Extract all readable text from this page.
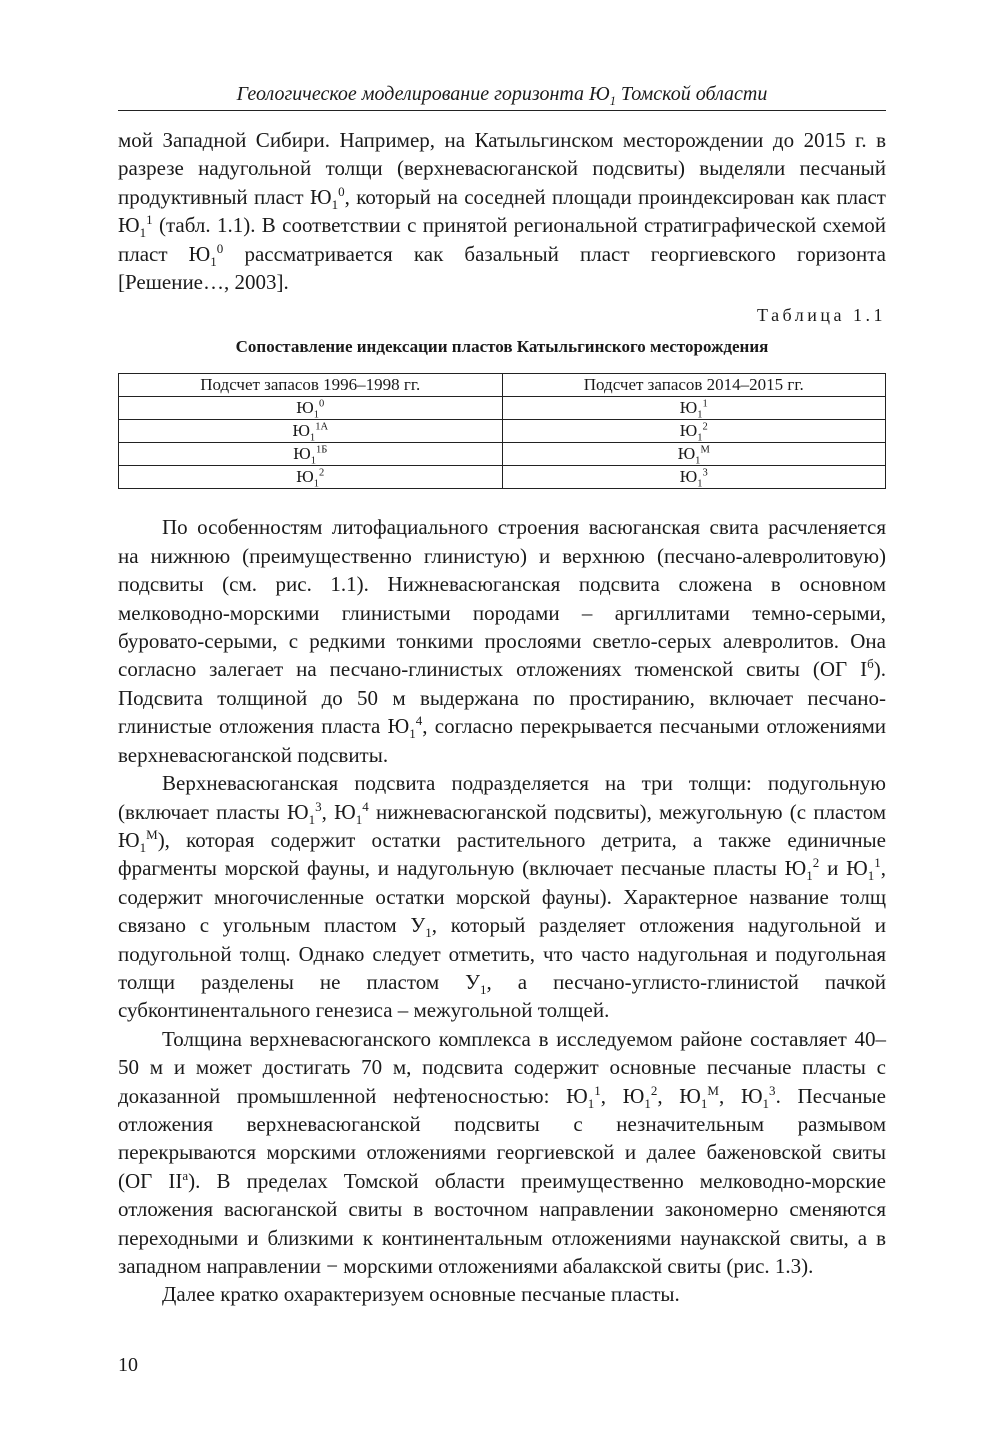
Геологическое моделирование горизонта $Ю_1$ Томской области

мой Западной Сибири. Например, на Катыльгинском месторождении до 2015 г. в разрезе надугольной толщи (верхневасюганской подсвиты) выделяли песчаный продуктивный пласт $Ю_1^0$, который на соседней площади проиндексирован как пласт $Ю_1^1$ (табл. 1.1). В соответствии с принятой региональной стратиграфической схемой пласт $Ю_1^0$ рассматривается как базальный пласт георгиевского горизонта [Решение…, 2003].

Таблица 1.1
Сопоставление индексации пластов Катыльгинского месторождения
Подсчет запасов 1996–1998 гг.	Подсчет запасов 2014–2015 гг.
$Ю_1^0$	$Ю_1^1$
$Ю_1^{1А}$	$Ю_1^2$
$Ю_1^{1Б}$	$Ю_1^М$
$Ю_1^2$	$Ю_1^3$

По особенностям литофациального строения васюганская свита расчленяется на нижнюю (преимущественно глинистую) и верхнюю (песчано-алевролитовую) подсвиты (см. рис. 1.1). Нижневасюганская подсвита сложена в основном мелководно-морскими глинистыми породами – аргиллитами темно-серыми, буровато-серыми, с редкими тонкими прослоями светло-серых алевролитов. Она согласно залегает на песчано-глинистых отложениях тюменской свиты (ОГ $I^б$). Подсвита толщиной до 50 м выдержана по простиранию, включает песчано-глинистые отложения пласта $Ю_1^4$, согласно перекрывается песчаными отложениями верхневасюганской подсвиты.

Верхневасюганская подсвита подразделяется на три толщи: подугольную (включает пласты $Ю_1^3$, $Ю_1^4$ нижневасюганской подсвиты), межугольную (с пластом $Ю_1^М$), которая содержит остатки растительного детрита, а также единичные фрагменты морской фауны, и надугольную (включает песчаные пласты $Ю_1^2$ и $Ю_1^1$, содержит многочисленные остатки морской фауны). Характерное название толщ связано с угольным пластом $У_1$, который разделяет отложения надугольной и подугольной толщ. Однако следует отметить, что часто надугольная и подугольная толщи разделены не пластом $У_1$, а песчано-углисто-глинистой пачкой субконтинентального генезиса – межугольной толщей.

Толщина верхневасюганского комплекса в исследуемом районе составляет 40–50 м и может достигать 70 м, подсвита содержит основные песчаные пласты с доказанной промышленной нефтеносностью: $Ю_1^1$, $Ю_1^2$, $Ю_1^М$, $Ю_1^3$. Песчаные отложения верхневасюганской подсвиты с незначительным размывом перекрываются морскими отложениями георгиевской и далее баженовской свиты (ОГ $II^а$). В пределах Томской области преимущественно мелководно-морские отложения васюганской свиты в восточном направлении закономерно сменяются переходными и близкими к континентальным отложениями наунакской свиты, а в западном направлении − морскими отложениями абалакской свиты (рис. 1.3).

Далее кратко охарактеризуем основные песчаные пласты.

10
